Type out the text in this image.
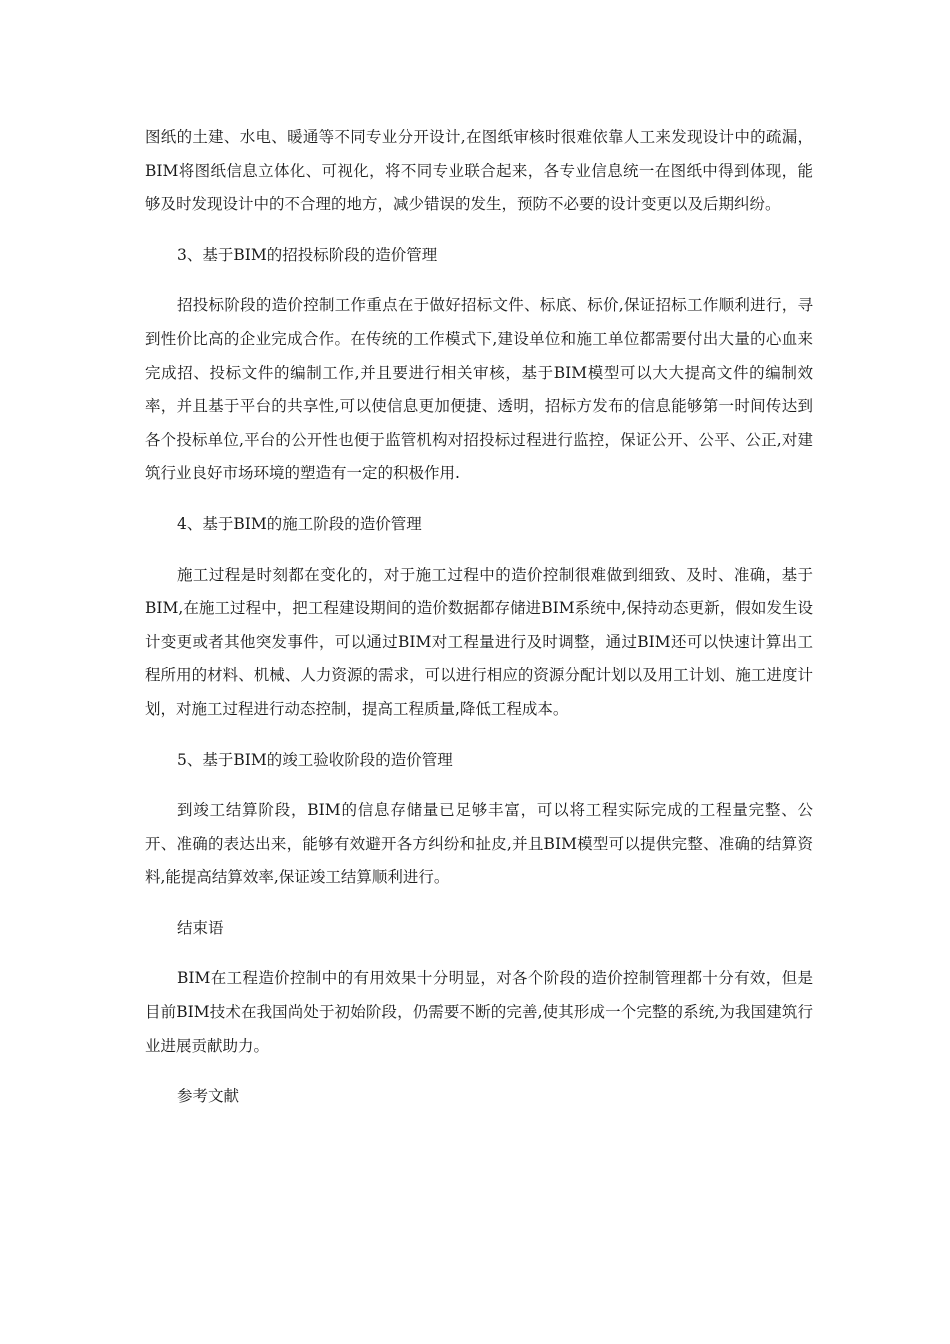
图纸的土建、水电、暖通等不同专业分开设计,在图纸审核时很难依靠人工来发现设计中的疏漏，BIM将图纸信息立体化、可视化，将不同专业联合起来，各专业信息统一在图纸中得到体现，能够及时发现设计中的不合理的地方，减少错误的发生，预防不必要的设计变更以及后期纠纷。

3、基于BIM的招投标阶段的造价管理

招投标阶段的造价控制工作重点在于做好招标文件、标底、标价,保证招标工作顺利进行，寻到性价比高的企业完成合作。在传统的工作模式下,建设单位和施工单位都需要付出大量的心血来完成招、投标文件的编制工作,并且要进行相关审核，基于BIM模型可以大大提高文件的编制效率，并且基于平台的共享性,可以使信息更加便捷、透明，招标方发布的信息能够第一时间传达到各个投标单位,平台的公开性也便于监管机构对招投标过程进行监控，保证公开、公平、公正,对建筑行业良好市场环境的塑造有一定的积极作用.

4、基于BIM的施工阶段的造价管理

施工过程是时刻都在变化的，对于施工过程中的造价控制很难做到细致、及时、准确，基于BIM,在施工过程中，把工程建设期间的造价数据都存储进BIM系统中,保持动态更新，假如发生设计变更或者其他突发事件，可以通过BIM对工程量进行及时调整，通过BIM还可以快速计算出工程所用的材料、机械、人力资源的需求，可以进行相应的资源分配计划以及用工计划、施工进度计划，对施工过程进行动态控制，提高工程质量,降低工程成本。

5、基于BIM的竣工验收阶段的造价管理

到竣工结算阶段，BIM的信息存储量已足够丰富，可以将工程实际完成的工程量完整、公开、准确的表达出来，能够有效避开各方纠纷和扯皮,并且BIM模型可以提供完整、准确的结算资料,能提高结算效率,保证竣工结算顺利进行。

结束语

BIM在工程造价控制中的有用效果十分明显，对各个阶段的造价控制管理都十分有效，但是目前BIM技术在我国尚处于初始阶段，仍需要不断的完善,使其形成一个完整的系统,为我国建筑行业进展贡献助力。

参考文献
